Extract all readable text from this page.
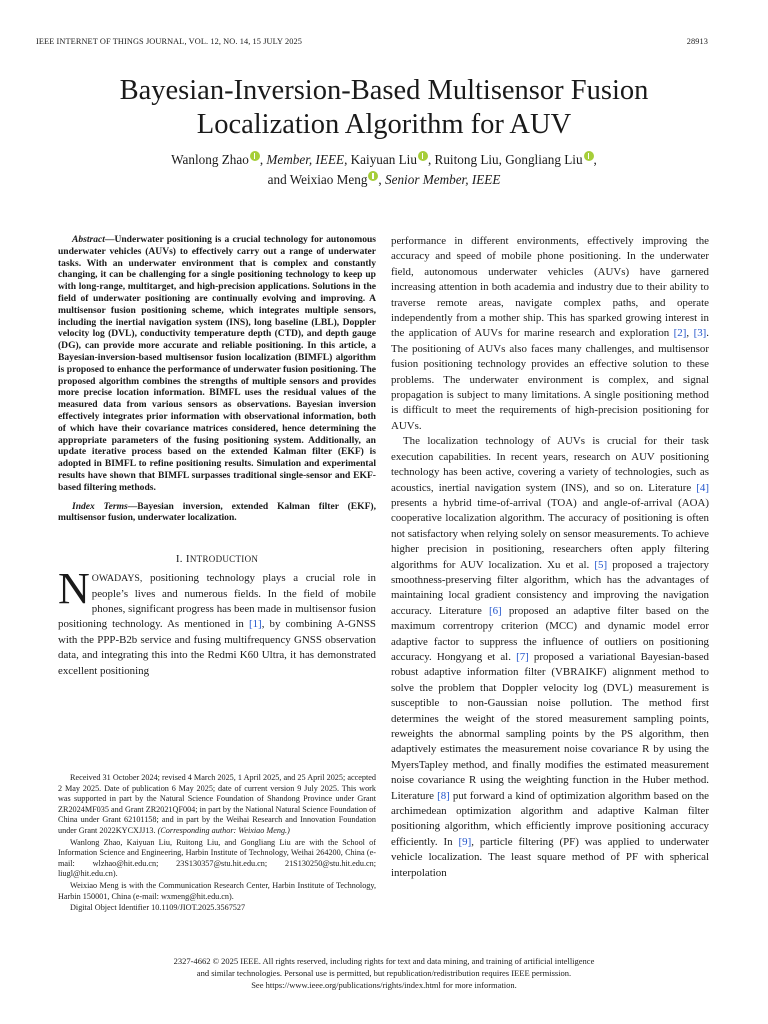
IEEE INTERNET OF THINGS JOURNAL, VOL. 12, NO. 14, 15 JULY 2025	28913
Bayesian-Inversion-Based Multisensor Fusion
Localization Algorithm for AUV
Wanlong Zhao , Member, IEEE, Kaiyuan Liu , Ruitong Liu, Gongliang Liu ,
and Weixiao Meng , Senior Member, IEEE

Abstract—Underwater positioning is a crucial technology for autonomous underwater vehicles (AUVs) to effectively carry out a range of underwater tasks. With an underwater environment that is complex and constantly changing, it can be challenging for a single positioning technology to keep up with long-range, multitarget, and high-precision applications. Solutions in the field of underwater positioning are continually evolving and improving. A multisensor fusion positioning scheme, which integrates multiple sensors, including the inertial navigation system (INS), long baseline (LBL), Doppler velocity log (DVL), conductivity temperature depth (CTD), and depth gauge (DG), can provide more accurate and reliable positioning. In this article, a Bayesian-inversion-based multisensor fusion localization (BIMFL) algorithm is proposed to enhance the performance of underwater fusion positioning. The proposed algorithm combines the strengths of multiple sensors and provides more precise location information. BIMFL uses the residual values of the measured data from various sensors as observations. Bayesian inversion effectively integrates prior information with observational information, both of which have their covariance matrices considered, hence determining the appropriate parameters of the fusing positioning system. Additionally, an update iterative process based on the extended Kalman filter (EKF) is adopted in BIMFL to refine positioning results. Simulation and experimental results have shown that BIMFL surpasses traditional single-sensor and EKF-based filtering methods.

Index Terms—Bayesian inversion, extended Kalman filter (EKF), multisensor fusion, underwater localization.

I. INTRODUCTION

NOWADAYS, positioning technology plays a crucial role in people’s lives and numerous fields. In the field of mobile phones, significant progress has been made in multisensor fusion positioning technology. As mentioned in [1], by combining A-GNSS with the PPP-B2b service and fusing multifrequency GNSS observation data, and integrating this into the Redmi K60 Ultra, it has demonstrated excellent positioning

performance in different environments, effectively improving the accuracy and speed of mobile phone positioning. In the underwater field, autonomous underwater vehicles (AUVs) have garnered increasing attention in both academia and industry due to their ability to traverse remote areas, navigate complex paths, and operate independently from a mother ship. This has sparked growing interest in the application of AUVs for marine research and exploration [2], [3]. The positioning of AUVs also faces many challenges, and multisensor fusion positioning technology provides an effective solution to these problems. The underwater environment is complex, and signal propagation is subject to many limitations. A single positioning method is difficult to meet the requirements of high-precision positioning for AUVs.

The localization technology of AUVs is crucial for their task execution capabilities. In recent years, research on AUV positioning technology has been active, covering a variety of technologies, such as acoustics, inertial navigation system (INS), and so on. Literature [4] presents a hybrid time-of-arrival (TOA) and angle-of-arrival (AOA) cooperative localization algorithm. The accuracy of positioning is often not satisfactory when relying solely on sensor measurements. To achieve higher precision in positioning, researchers often apply filtering algorithms for AUV localization. Xu et al. [5] proposed a trajectory smoothness-preserving filter algorithm, which has the advantages of maintaining local gradient consistency and improving the navigation accuracy. Literature [6] proposed an adaptive filter based on the maximum correntropy criterion (MCC) and dynamic model error adaptive factor to suppress the influence of outliers on positioning accuracy. Hongyang et al. [7] proposed a variational Bayesian-based robust adaptive information filter (VBRAIKF) alignment method to solve the problem that Doppler velocity log (DVL) measurement is susceptible to non-Gaussian noise pollution. The method first determines the weight of the stored measurement sampling points, reweights the abnormal sampling points by the PS algorithm, then adaptively estimates the measurement noise covariance R by using the MyersTapley method, and finally modifies the estimated measurement noise covariance R using the weighting function in the Huber method. Literature [8] put forward a kind of optimization algorithm based on the archimedean optimization algorithm and adaptive Kalman filter positioning algorithm, which efficiently improve positioning accuracy efficiently. In [9], particle filtering (PF) was applied to underwater vehicle localization. The least square method of PF with spherical interpolation

Received 31 October 2024; revised 4 March 2025, 1 April 2025, and 25 April 2025; accepted 2 May 2025. Date of publication 6 May 2025; date of current version 9 July 2025. This work was supported in part by the Natural Science Foundation of Shandong Province under Grant ZR2024MF035 and Grant ZR2021QF004; in part by the National Natural Science Foundation of China under Grant 62101158; and in part by the Weihai Research and Innovation Foundation under Grant 2022KYCXJJ13. (Corresponding author: Weixiao Meng.)

Wanlong Zhao, Kaiyuan Liu, Ruitong Liu, and Gongliang Liu are with the School of Information Science and Engineering, Harbin Institute of Technology, Weihai 264200, China (e-mail: wlzhao@hit.edu.cn; 23S130357@stu.hit.edu.cn; 21S130250@stu.hit.edu.cn; liugl@hit.edu.cn).

Weixiao Meng is with the Communication Research Center, Harbin Institute of Technology, Harbin 150001, China (e-mail: wxmeng@hit.edu.cn).

Digital Object Identifier 10.1109/JIOT.2025.3567527

2327-4662 © 2025 IEEE. All rights reserved, including rights for text and data mining, and training of artificial intelligence
and similar technologies. Personal use is permitted, but republication/redistribution requires IEEE permission.
See https://www.ieee.org/publications/rights/index.html for more information.
